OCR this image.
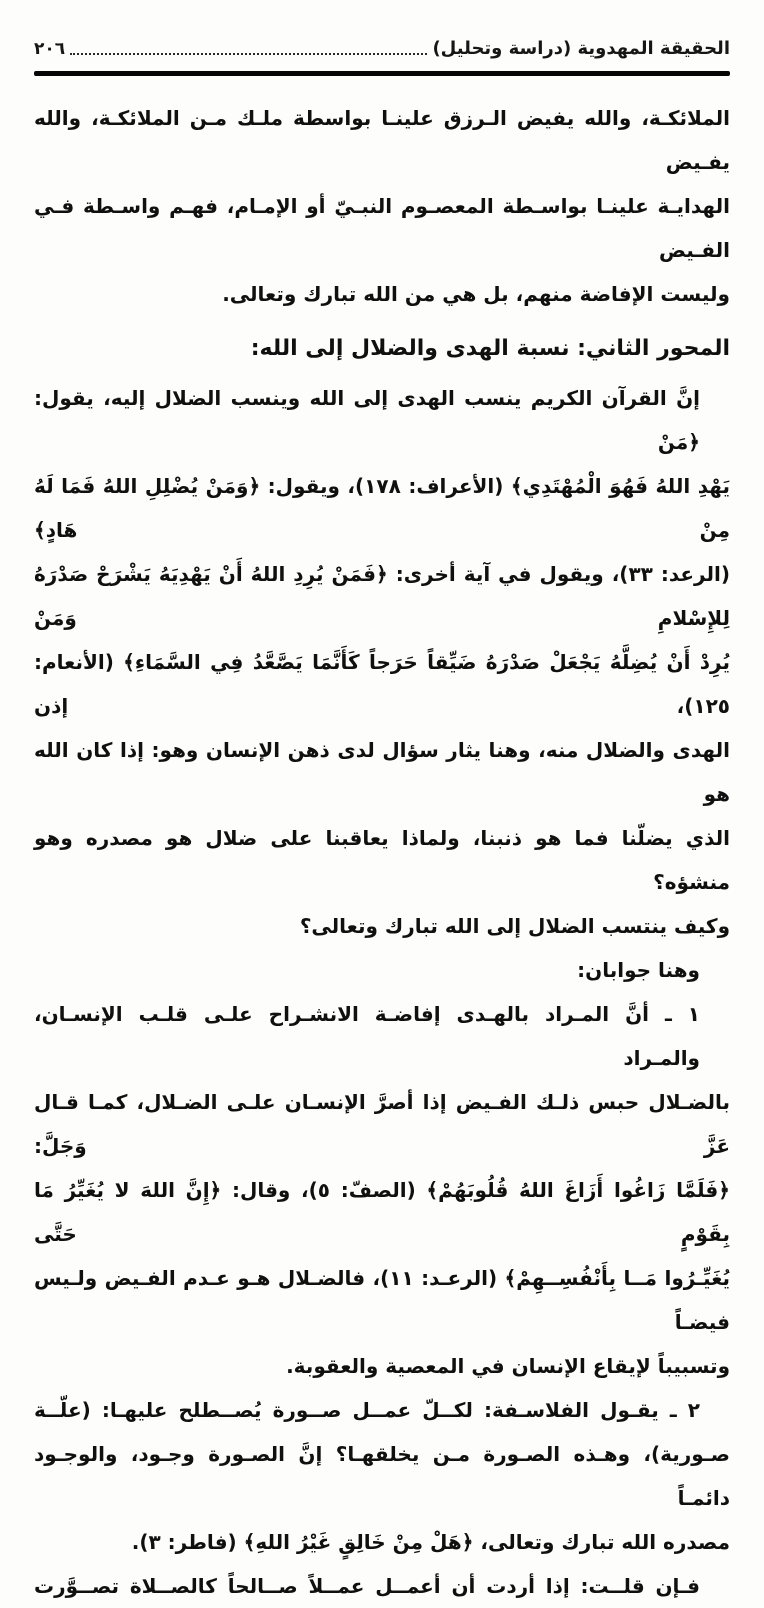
الحقيقة المهدوية (دراسة وتحليل)
٢٠٦
الملائكـة، والله يفيض الـرزق علينـا بواسطة ملـك مـن الملائكـة، والله يفـيض
الهدايـة علينـا بواسـطة المعصـوم النبـيّ أو الإمـام، فهـم واسـطة فـي الفـيض
وليست الإفاضة منهم، بل هي من الله تبارك وتعالى.
المحور الثاني: نسبة الهدى والضلال إلى الله:
إنَّ القرآن الكريم ينسب الهدى إلى الله وينسب الضلال إليه، يقول: ﴿مَنْ
يَهْدِ اللهُ فَهُوَ الْمُهْتَدِي﴾ (الأعراف: ١٧٨)، ويقول: ﴿وَمَنْ يُضْلِلِ اللهُ فَمَا لَهُ مِنْ هَادٍ﴾
(الرعد: ٣٣)، ويقول في آية أخرى: ﴿فَمَنْ يُرِدِ اللهُ أَنْ يَهْدِيَهُ يَشْرَحْ صَدْرَهُ لِلإِسْلامِ وَمَنْ
يُرِدْ أَنْ يُضِلَّهُ يَجْعَلْ صَدْرَهُ ضَيِّقاً حَرَجاً كَأَنَّمَا يَصَّعَّدُ فِي السَّمَاءِ﴾ (الأنعام: ١٢٥)، إذن
الهدى والضلال منه، وهنا يثار سؤال لدى ذهن الإنسان وهو: إذا كان الله هو
الذي يضلّنا فما هو ذنبنا، ولماذا يعاقبنا على ضلال هو مصدره وهو منشؤه؟
وكيف ينتسب الضلال إلى الله تبارك وتعالى؟
وهنا جوابان:
١ ـ أنَّ المـراد بالهـدى إفاضـة الانشـراح علـى قلـب الإنسـان، والمـراد
بالضـلال حبس ذلـك الفـيض إذا أصرَّ الإنسـان علـى الضـلال، كمـا قـال عَزَّ وَجَلَّ:
﴿فَلَمَّا زَاغُوا أَزَاغَ اللهُ قُلُوبَهُمْ﴾ (الصفّ: ٥)، وقال: ﴿إِنَّ اللهَ لا يُغَيِّرُ مَا بِقَوْمٍ حَتَّى
يُغَيِّـرُوا مَــا بِأَنْفُسِــهِمْ﴾ (الرعـد: ١١)، فالضـلال هـو عـدم الفـيض ولـيس فيضـاً
وتسبيباً لإيقاع الإنسان في المعصية والعقوبة.
٢ ـ يقـول الفلاسـفة: لكــلّ عمــل صــورة يُصــطلح عليهـا: (علّــة
صـورية)، وهـذه الصـورة مـن يخلقهـا؟ إنَّ الصـورة وجـود، والوجـود دائمـاً
مصدره الله تبارك وتعالى، ﴿هَلْ مِنْ خَالِقٍ غَيْرُ اللهِ﴾ (فاطر: ٣).
فـإن قلــت: إذا أردت أن أعمــل عمــلاً صــالحاً كالصــلاة تصــوَّرت
